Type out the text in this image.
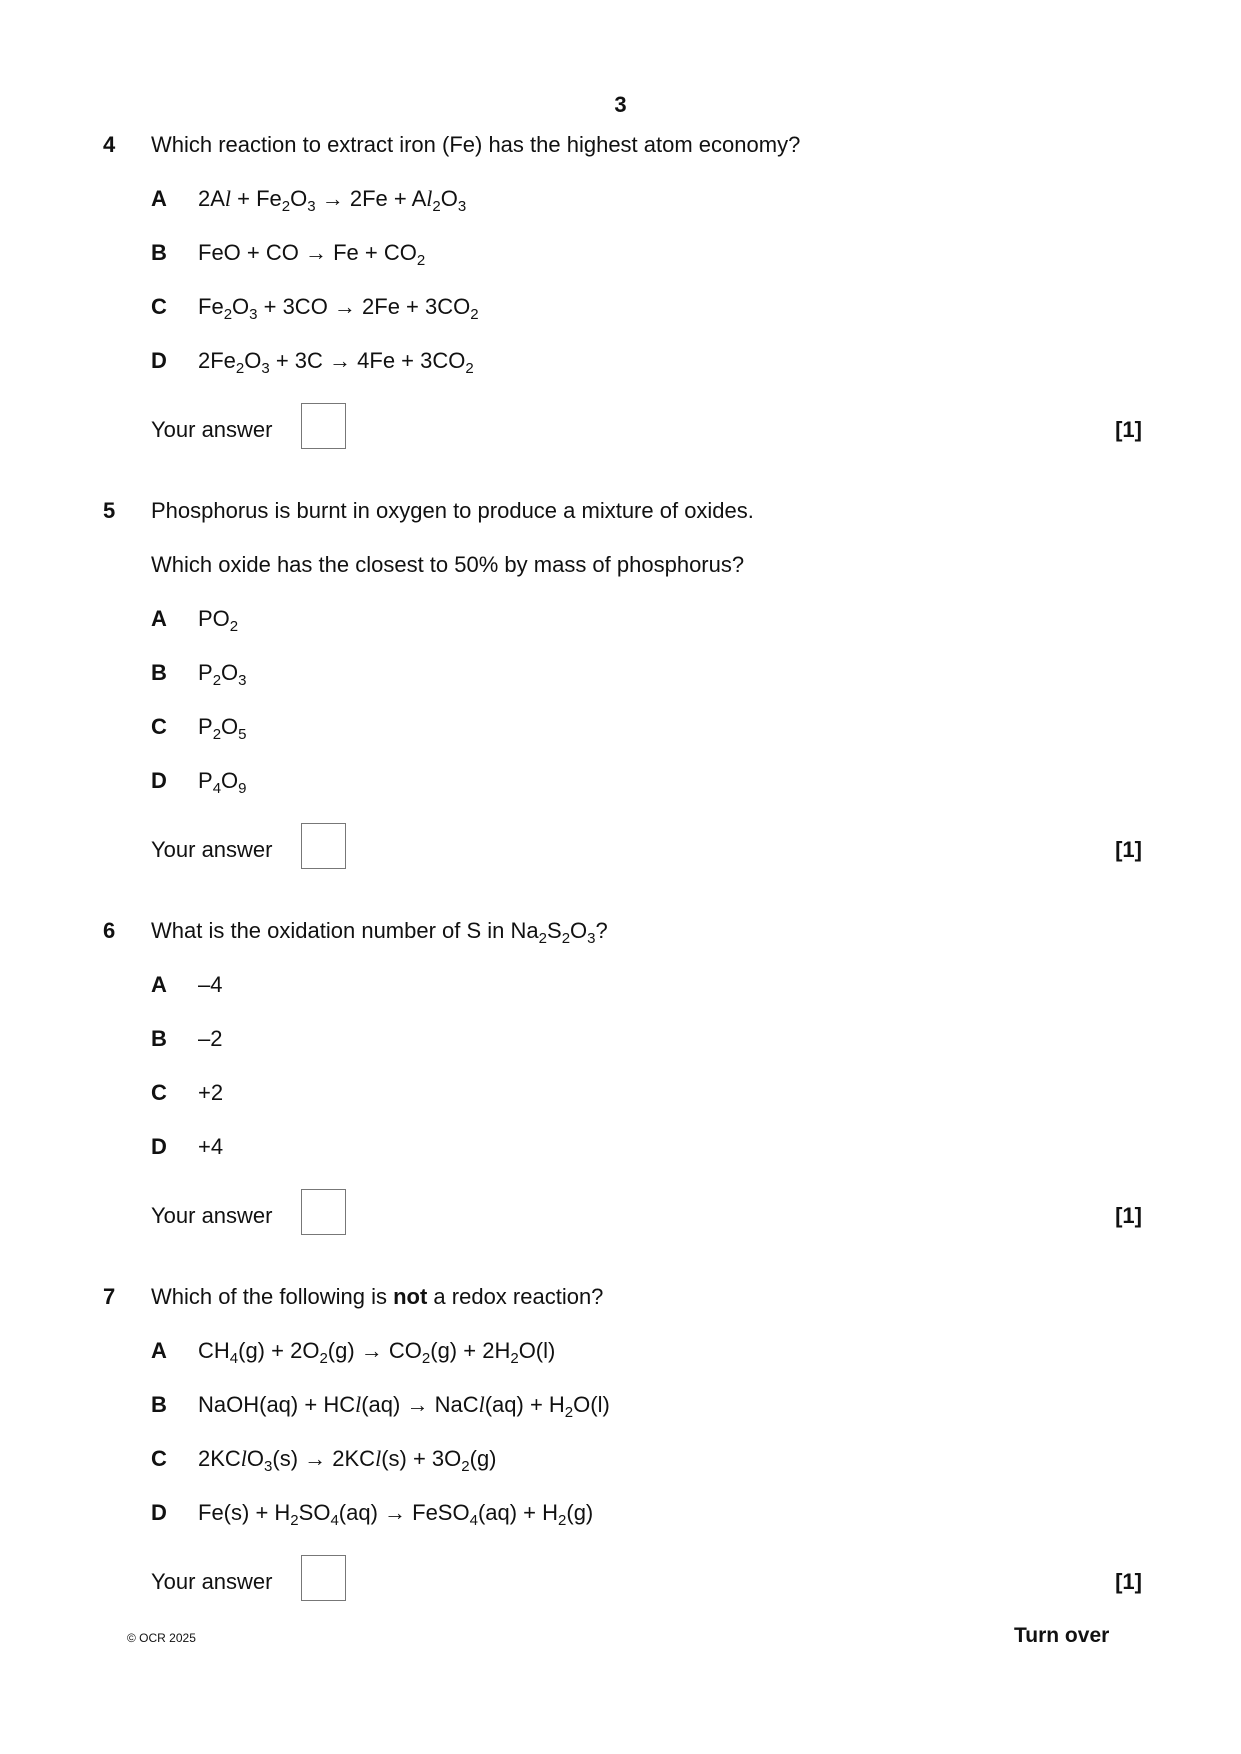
3
4 Which reaction to extract iron (Fe) has the highest atom economy?
A $2Al + Fe_2O_3 \to 2Fe + Al_2O_3$
B FeO + CO → $Fe + CO_2$
C $Fe_2O_3 + 3CO \to 2Fe + 3CO_2$
D $2Fe_2O_3 + 3C \to 4Fe + 3CO_2$
Your answer	[1]
5 Phosphorus is burnt in oxygen to produce a mixture of oxides.
Which oxide has the closest to 50% by mass of phosphorus?
A $PO_2$
B $P_2O_3$
C $P_2O_5$
D $P_4O_9$
Your answer	[1]
6 What is the oxidation number of S in $Na_2S_2O_3$?
A –4
B –2
C +2
D +4
Your answer	[1]
7 Which of the following is not a redox reaction?
A $CH_4(g) + 2O_2(g) \to CO_2(g) + 2H_2O(l)$
B NaOH(aq) + HCl(aq) → NaCl(aq) + $H_2O(l)$
C 2KClO$_3$(s) → $2KCl(s) + 3O_2(g)$
D $Fe(s) + H_2SO_4(aq)$ → FeSO$_4$(aq) + $H_2(g)$
Your answer	[1]
© OCR 2025	Turn over
